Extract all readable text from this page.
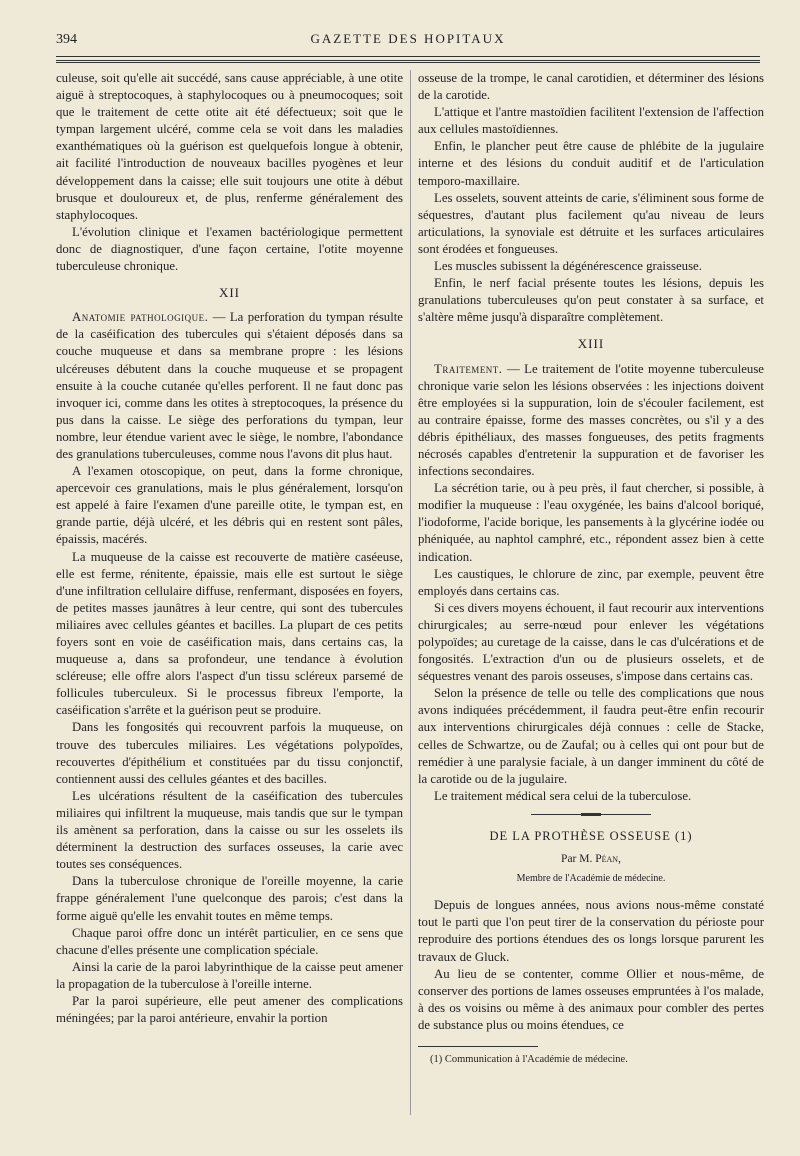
394	GAZETTE DES HOPITAUX

culeuse, soit qu'elle ait succédé, sans cause appréciable, à une otite aiguë à streptocoques, à staphylocoques ou à pneumocoques; soit que le traitement de cette otite ait été défectueux; soit que le tympan largement ulcéré, comme cela se voit dans les maladies exanthématiques où la guérison est quelquefois longue à obtenir, ait facilité l'introduction de nouveaux bacilles pyogènes et leur développement dans la caisse; elle suit toujours une otite à début brusque et douloureux et, de plus, renferme généralement des staphylocoques.

L'évolution clinique et l'examen bactériologique permettent donc de diagnostiquer, d'une façon certaine, l'otite moyenne tuberculeuse chronique.

XII

Anatomie pathologique. — La perforation du tympan résulte de la caséification des tubercules qui s'étaient déposés dans sa couche muqueuse et dans sa membrane propre : les lésions ulcéreuses débutent dans la couche muqueuse et se propagent ensuite à la couche cutanée qu'elles perforent. Il ne faut donc pas invoquer ici, comme dans les otites à streptocoques, la présence du pus dans la caisse. Le siège des perforations du tympan, leur nombre, leur étendue varient avec le siège, le nombre, l'abondance des granulations tuberculeuses, comme nous l'avons dit plus haut.

A l'examen otoscopique, on peut, dans la forme chronique, apercevoir ces granulations, mais le plus généralement, lorsqu'on est appelé à faire l'examen d'une pareille otite, le tympan est, en grande partie, déjà ulcéré, et les débris qui en restent sont pâles, épaissis, macérés.

La muqueuse de la caisse est recouverte de matière caséeuse, elle est ferme, rénitente, épaissie, mais elle est surtout le siège d'une infiltration cellulaire diffuse, renfermant, disposées en foyers, de petites masses jaunâtres à leur centre, qui sont des tubercules miliaires avec cellules géantes et bacilles. La plupart de ces petits foyers sont en voie de caséification mais, dans certains cas, la muqueuse a, dans sa profondeur, une tendance à évolution scléreuse; elle offre alors l'aspect d'un tissu scléreux parsemé de follicules tuberculeux. Si le processus fibreux l'emporte, la caséification s'arrête et la guérison peut se produire.

Dans les fongosités qui recouvrent parfois la muqueuse, on trouve des tubercules miliaires. Les végétations polypoïdes, recouvertes d'épithélium et constituées par du tissu conjonctif, contiennent aussi des cellules géantes et des bacilles.

Les ulcérations résultent de la caséification des tubercules miliaires qui infiltrent la muqueuse, mais tandis que sur le tympan ils amènent sa perforation, dans la caisse ou sur les osselets ils déterminent la destruction des surfaces osseuses, la carie avec toutes ses conséquences.

Dans la tuberculose chronique de l'oreille moyenne, la carie frappe généralement l'une quelconque des parois; c'est dans la forme aiguë qu'elle les envahit toutes en même temps.

Chaque paroi offre donc un intérêt particulier, en ce sens que chacune d'elles présente une complication spéciale.

Ainsi la carie de la paroi labyrinthique de la caisse peut amener la propagation de la tuberculose à l'oreille interne.

Par la paroi supérieure, elle peut amener des complications méningées; par la paroi antérieure, envahir la portion

osseuse de la trompe, le canal carotidien, et déterminer des lésions de la carotide.

L'attique et l'antre mastoïdien facilitent l'extension de l'affection aux cellules mastoïdiennes.

Enfin, le plancher peut être cause de phlébite de la jugulaire interne et des lésions du conduit auditif et de l'articulation temporo-maxillaire.

Les osselets, souvent atteints de carie, s'éliminent sous forme de séquestres, d'autant plus facilement qu'au niveau de leurs articulations, la synoviale est détruite et les surfaces articulaires sont érodées et fongueuses.

Les muscles subissent la dégénérescence graisseuse.

Enfin, le nerf facial présente toutes les lésions, depuis les granulations tuberculeuses qu'on peut constater à sa surface, et s'altère même jusqu'à disparaître complètement.

XIII

Traitement. — Le traitement de l'otite moyenne tuberculeuse chronique varie selon les lésions observées : les injections doivent être employées si la suppuration, loin de s'écouler facilement, est au contraire épaisse, forme des masses concrètes, ou s'il y a des débris épithéliaux, des masses fongueuses, des petits fragments nécrosés capables d'entretenir la suppuration et de favoriser les infections secondaires.

La sécrétion tarie, ou à peu près, il faut chercher, si possible, à modifier la muqueuse : l'eau oxygénée, les bains d'alcool boriqué, l'iodoforme, l'acide borique, les pansements à la glycérine iodée ou phéniquée, au naphtol camphré, etc., répondent assez bien à cette indication.

Les caustiques, le chlorure de zinc, par exemple, peuvent être employés dans certains cas.

Si ces divers moyens échouent, il faut recourir aux interventions chirurgicales; au serre-nœud pour enlever les végétations polypoïdes; au curetage de la caisse, dans le cas d'ulcérations et de fongosités. L'extraction d'un ou de plusieurs osselets, et de séquestres venant des parois osseuses, s'impose dans certains cas.

Selon la présence de telle ou telle des complications que nous avons indiquées précédemment, il faudra peut-être enfin recourir aux interventions chirurgicales déjà connues : celle de Stacke, celles de Schwartze, ou de Zaufal; ou à celles qui ont pour but de remédier à une paralysie faciale, à un danger imminent du côté de la carotide ou de la jugulaire.

Le traitement médical sera celui de la tuberculose.

DE LA PROTHÈSE OSSEUSE (1)

Par M. Péan,

Membre de l'Académie de médecine.

Depuis de longues années, nous avions nous-même constaté tout le parti que l'on peut tirer de la conservation du périoste pour reproduire des portions étendues des os longs lorsque parurent les travaux de Gluck.

Au lieu de se contenter, comme Ollier et nous-même, de conserver des portions de lames osseuses empruntées à l'os malade, à des os voisins ou même à des animaux pour combler des pertes de substance plus ou moins étendues, ce

(1) Communication à l'Académie de médecine.
